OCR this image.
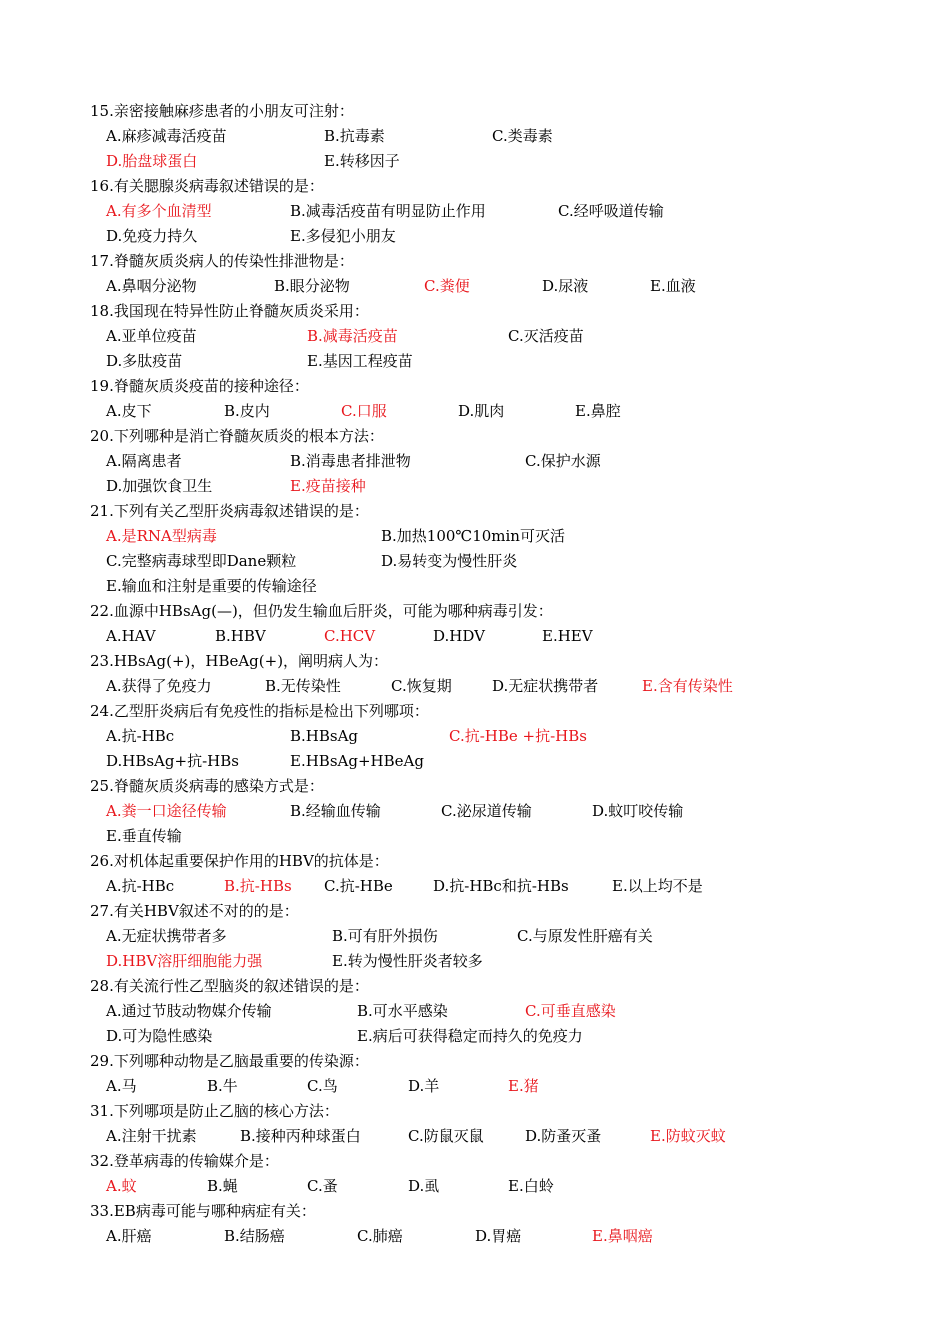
15.亲密接触麻疹患者的小朋友可注射：
A.麻疹减毒活疫苗	B.抗毒素	C.类毒素
D.胎盘球蛋白	E.转移因子
16.有关腮腺炎病毒叙述错误的是：
A.有多个血清型	B.减毒活疫苗有明显防止作用	C.经呼吸道传输
D.免疫力持久	E.多侵犯小朋友
17.脊髓灰质炎病人的传染性排泄物是：
A.鼻咽分泌物	B.眼分泌物	C.粪便	D.尿液	E.血液
18.我国现在特异性防止脊髓灰质炎采用：
A.亚单位疫苗	B.减毒活疫苗	C.灭活疫苗
D.多肽疫苗	E.基因工程疫苗
19.脊髓灰质炎疫苗的接种途径：
A.皮下	B.皮内	C.口服	D.肌肉	E.鼻腔
20.下列哪种是消亡脊髓灰质炎的根本方法：
A.隔离患者	B.消毒患者排泄物	C.保护水源
D.加强饮食卫生	E.疫苗接种
21.下列有关乙型肝炎病毒叙述错误的是：
A.是RNA型病毒	B.加热100℃10min可灭活
C.完整病毒球型即Dane颗粒	D.易转变为慢性肝炎
E.输血和注射是重要的传输途径
22.血源中HBsAg(—)，但仍发生输血后肝炎，可能为哪种病毒引发：
A.HAV	B.HBV	C.HCV	D.HDV	E.HEV
23.HBsAg(+)，HBeAg(+)，阐明病人为：
A.获得了免疫力	B.无传染性	C.恢复期	D.无症状携带者	E.含有传染性
24.乙型肝炎病后有免疫性的指标是检出下列哪项：
A.抗-HBc	B.HBsAg	C.抗-HBe +抗-HBs
D.HBsAg+抗-HBs	E.HBsAg+HBeAg
25.脊髓灰质炎病毒的感染方式是：
A.粪一口途径传输	B.经输血传输	C.泌尿道传输	D.蚊叮咬传输
E.垂直传输
26.对机体起重要保护作用的HBV的抗体是：
A.抗-HBc	B.抗-HBs C.抗-HBe	D.抗-HBc和抗-HBs	E.以上均不是
27.有关HBV叙述不对的的是：
A.无症状携带者多	B.可有肝外损伤	C.与原发性肝癌有关
D.HBV溶肝细胞能力强	E.转为慢性肝炎者较多
28.有关流行性乙型脑炎的叙述错误的是：
A.通过节肢动物媒介传输	B.可水平感染	C.可垂直感染
D.可为隐性感染	E.病后可获得稳定而持久的免疫力
29.下列哪种动物是乙脑最重要的传染源：
A.马	B.牛	C.鸟	D.羊	E.猪
31.下列哪项是防止乙脑的核心方法：
A.注射干扰素	B.接种丙种球蛋白	C.防鼠灭鼠	D.防蚤灭蚤	E.防蚊灭蚊
32.登革病毒的传输媒介是：
A.蚊	B.蝇	C.蚤	D.虱	E.白蛉
33.EB病毒可能与哪种病症有关：
A.肝癌	B.结肠癌	C.肺癌	D.胃癌	E.鼻咽癌
